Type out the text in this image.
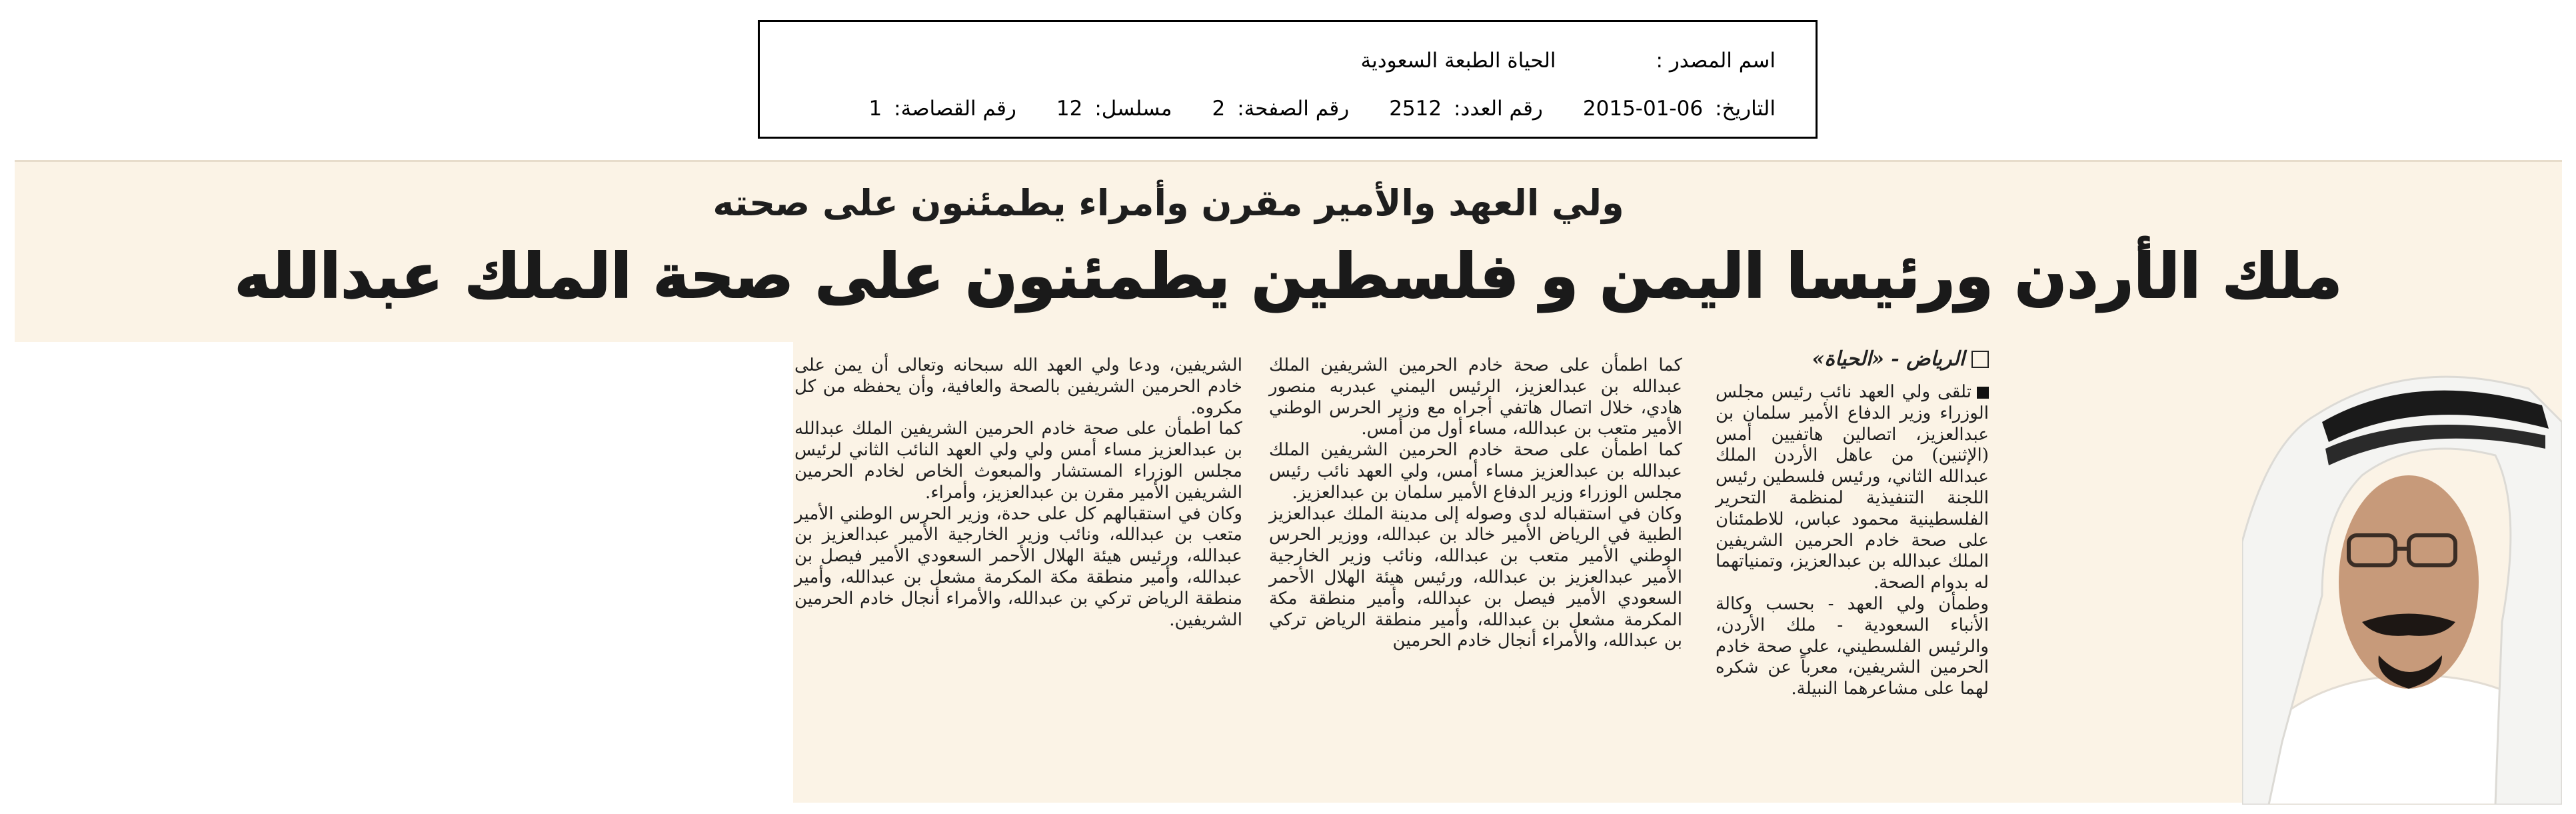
اسم المصدر :
الحياة الطبعة السعودية
التاريخ:
2015-01-06
رقم العدد:
2512
رقم الصفحة:
2
مسلسل:
12
رقم القصاصة:
1
ولي العهد والأمير مقرن وأمراء يطمئنون على صحته
ملك الأردن ورئيسا اليمن و فلسطين يطمئنون على صحة الملك عبدالله
الرياض - «الحياة»

تلقى ولي العهد نائب رئيس مجلس الوزراء وزير الدفاع الأمير سلمان بن عبدالعزيز، اتصالين هاتفيين أمس (الإثنين) من عاهل الأردن الملك عبدالله الثاني، ورئيس فلسطين رئيس اللجنة التنفيذية لمنظمة التحرير الفلسطينية محمود عباس، للاطمئنان على صحة خادم الحرمين الشريفين الملك عبدالله بن عبدالعزيز، وتمنياتهما له بدوام الصحة.

وطمأن ولي العهد - بحسب وكالة الأنباء السعودية - ملك الأردن، والرئيس الفلسطيني، على صحة خادم الحرمين الشريفين، معرباً عن شكره لهما على مشاعرهما النبيلة.

كما اطمأن على صحة خادم الحرمين الشريفين الملك عبدالله بن عبدالعزيز، الرئيس اليمني عبدربه منصور هادي، خلال اتصال هاتفي أجراه مع وزير الحرس الوطني الأمير متعب بن عبدالله، مساء أول من أمس.

كما اطمأن على صحة خادم الحرمين الشريفين الملك عبدالله بن عبدالعزيز مساء أمس، ولي العهد نائب رئيس مجلس الوزراء وزير الدفاع الأمير سلمان بن عبدالعزيز.

وكان في استقباله لدى وصوله إلى مدينة الملك عبدالعزيز الطبية في الرياض الأمير خالد بن عبدالله، ووزير الحرس الوطني الأمير متعب بن عبدالله، ونائب وزير الخارجية الأمير عبدالعزيز بن عبدالله، ورئيس هيئة الهلال الأحمر السعودي الأمير فيصل بن عبدالله، وأمير منطقة مكة المكرمة مشعل بن عبدالله، وأمير منطقة الرياض تركي بن عبدالله، والأمراء أنجال خادم الحرمين

الشريفين، ودعا ولي العهد الله سبحانه وتعالى أن يمن على خادم الحرمين الشريفين بالصحة والعافية، وأن يحفظه من كل مكروه.

كما اطمأن على صحة خادم الحرمين الشريفين الملك عبدالله بن عبدالعزيز مساء أمس ولي ولي العهد النائب الثاني لرئيس مجلس الوزراء المستشار والمبعوث الخاص لخادم الحرمين الشريفين الأمير مقرن بن عبدالعزيز، وأمراء.

وكان في استقبالهم كل على حدة، وزير الحرس الوطني الأمير متعب بن عبدالله، ونائب وزير الخارجية الأمير عبدالعزيز بن عبدالله، ورئيس هيئة الهلال الأحمر السعودي الأمير فيصل بن عبدالله، وأمير منطقة مكة المكرمة مشعل بن عبدالله، وأمير منطقة الرياض تركي بن عبدالله، والأمراء أنجال خادم الحرمين الشريفين.
